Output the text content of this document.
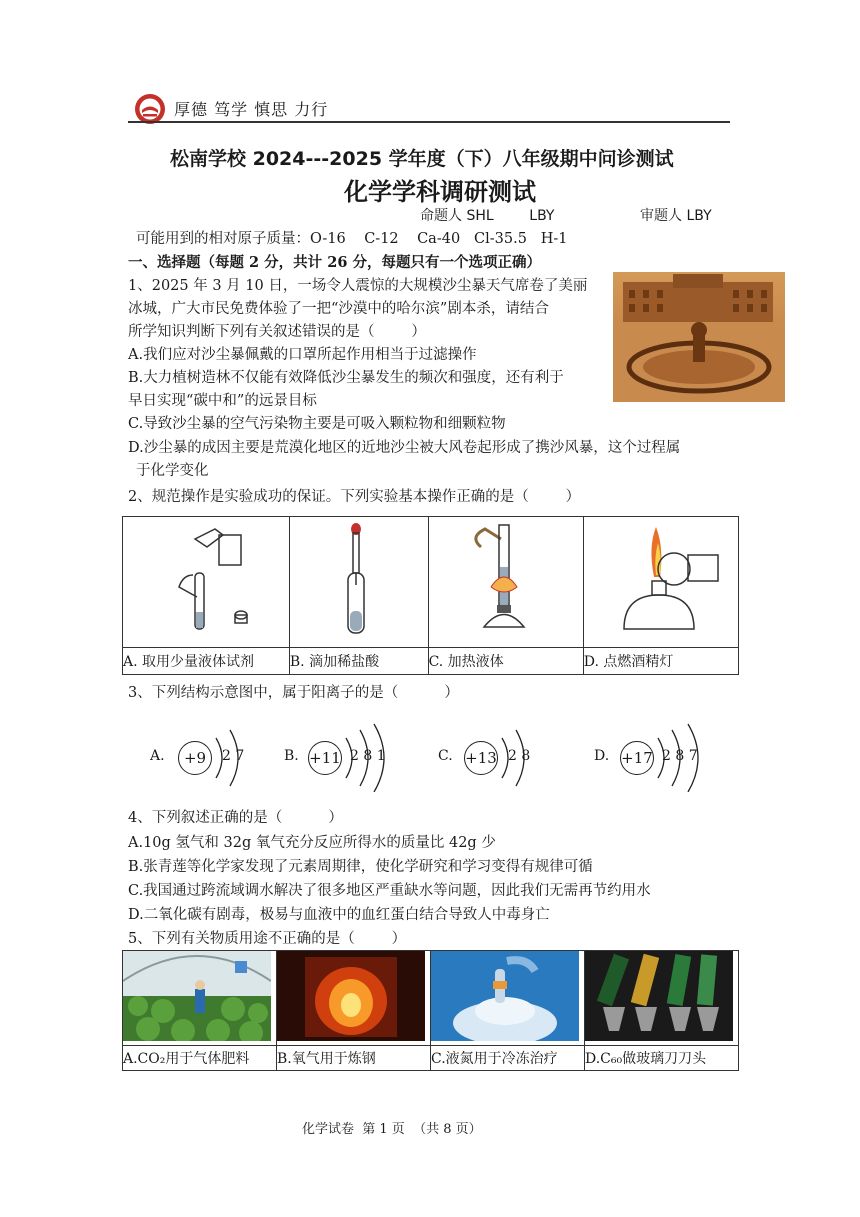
厚德 笃学 慎思 力行
松南学校 2024---2025 学年度（下）八年级期中问诊测试
化学学科调研测试
命题人 SHL        LBY	审题人 LBY
可能用到的相对原子质量：O-16    C-12    Ca-40   Cl-35.5   H-1
一、选择题（每题 2 分，共计 26 分，每题只有一个选项正确）
1、2025 年 3 月 10 日，一场令人震惊的大规模沙尘暴天气席卷了美丽
冰城，广大市民免费体验了一把“沙漠中的哈尔滨”剧本杀，请结合
所学知识判断下列有关叙述错误的是（        ）
A.我们应对沙尘暴佩戴的口罩所起作用相当于过滤操作
B.大力植树造林不仅能有效降低沙尘暴发生的频次和强度，还有利于
早日实现“碳中和”的远景目标
C.导致沙尘暴的空气污染物主要是可吸入颗粒物和细颗粒物
D.沙尘暴的成因主要是荒漠化地区的近地沙尘被大风卷起形成了携沙风暴，这个过程属
于化学变化
2、规范操作是实验成功的保证。下列实验基本操作正确的是（        ）

A. 取用少量液体试剂	B. 滴加稀盐酸	C. 加热液体	D. 点燃酒精灯
3、下列结构示意图中，属于阳离子的是（          ）
A.	+9	2 7	B. +11 2 8 1	C. +13 2 8	D. +17 2 8 7
4、下列叙述正确的是（          ）
A.10g 氢气和 32g 氧气充分反应所得水的质量比 42g 少
B.张青莲等化学家发现了元素周期律，使化学研究和学习变得有规律可循
C.我国通过跨流域调水解决了很多地区严重缺水等问题，因此我们无需再节约用水
D.二氧化碳有剧毒，极易与血液中的血红蛋白结合导致人中毒身亡
5、下列有关物质用途不正确的是（        ）

A.CO₂用于气体肥料	B.氧气用于炼钢	C.液氮用于冷冻治疗	D.C₆₀做玻璃刀刀头
化学试卷  第 1 页  （共 8 页）
